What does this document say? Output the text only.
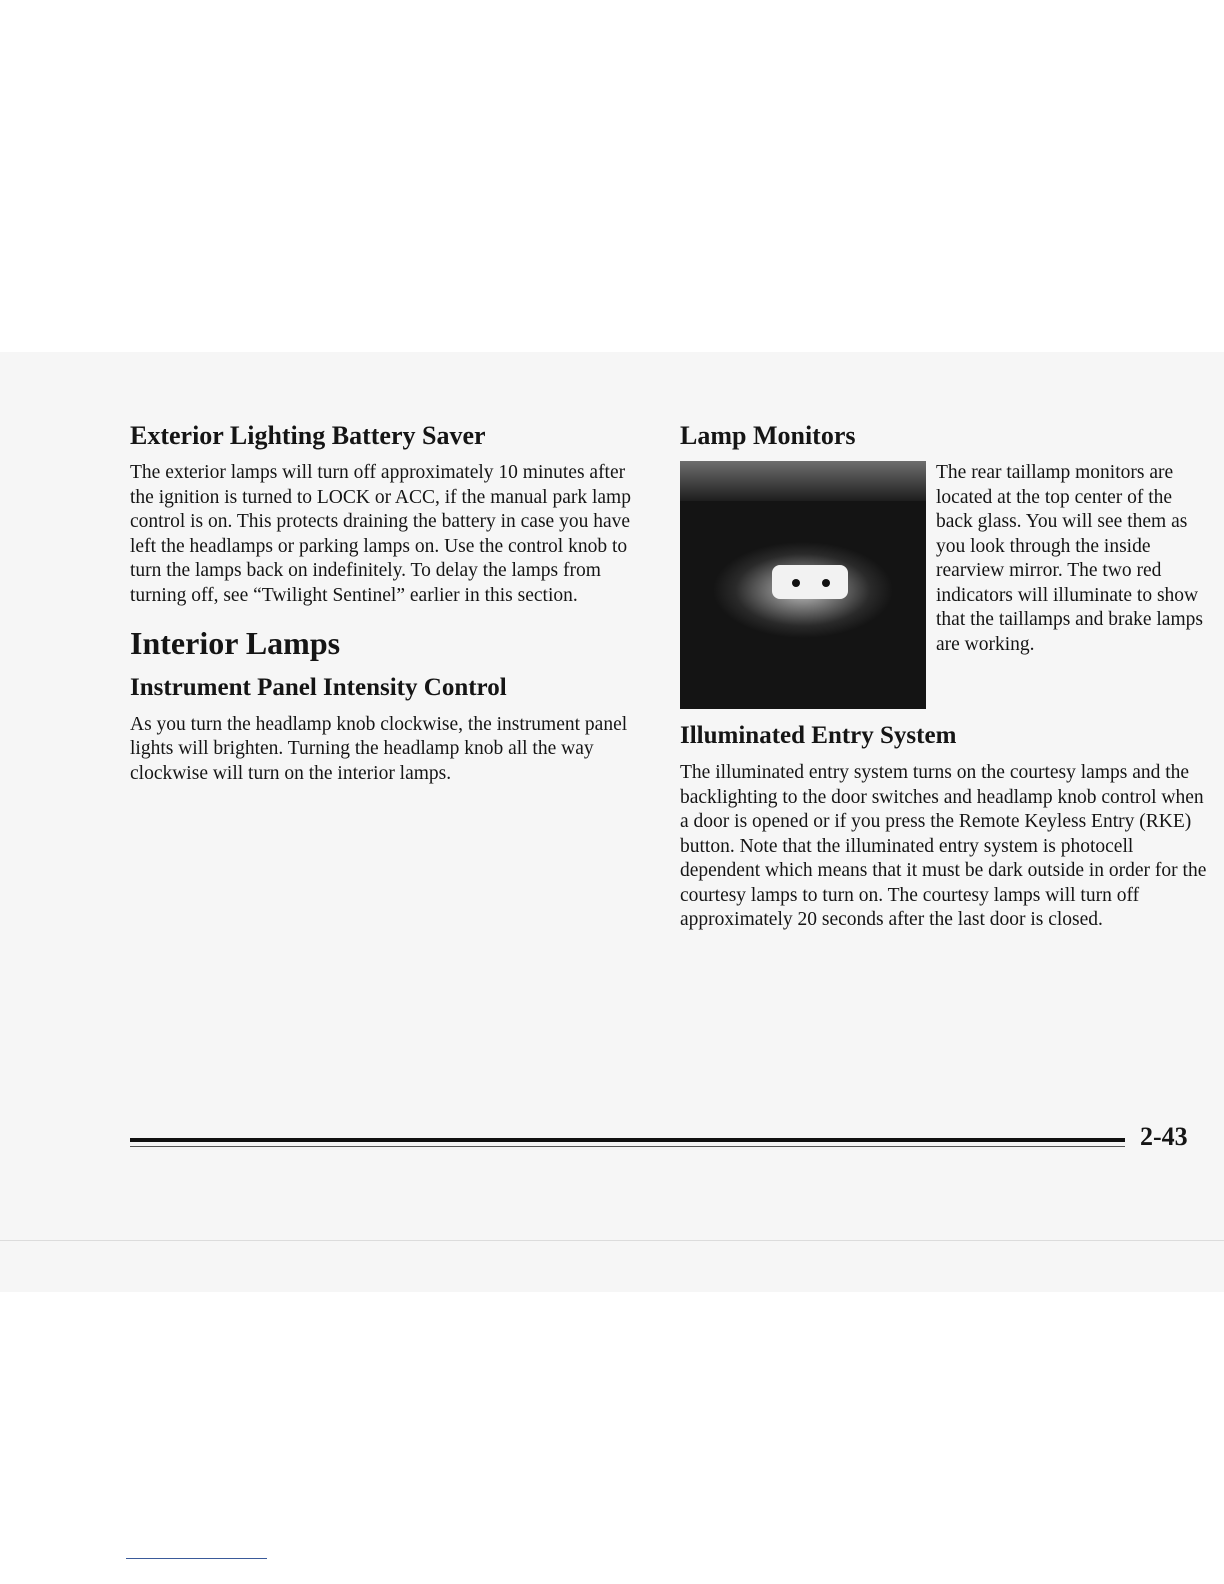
Exterior Lighting Battery Saver

The exterior lamps will turn off approximately 10 minutes after the ignition is turned to LOCK or ACC, if the manual park lamp control is on. This protects draining the battery in case you have left the headlamps or parking lamps on. Use the control knob to turn the lamps back on indefinitely. To delay the lamps from turning off, see “Twilight Sentinel” earlier in this section.

Interior Lamps
Instrument Panel Intensity Control

As you turn the headlamp knob clockwise, the instrument panel lights will brighten. Turning the headlamp knob all the way clockwise will turn on the interior lamps.

Lamp Monitors

The rear taillamp monitors are located at the top center of the back glass. You will see them as you look through the inside rearview mirror. The two red indicators will illuminate to show that the taillamps and brake lamps are working.

Illuminated Entry System

The illuminated entry system turns on the courtesy lamps and the backlighting to the door switches and headlamp knob control when a door is opened or if you press the Remote Keyless Entry (RKE) button. Note that the illuminated entry system is photocell dependent which means that it must be dark outside in order for the courtesy lamps to turn on. The courtesy lamps will turn off approximately 20 seconds after the last door is closed.

2-43
